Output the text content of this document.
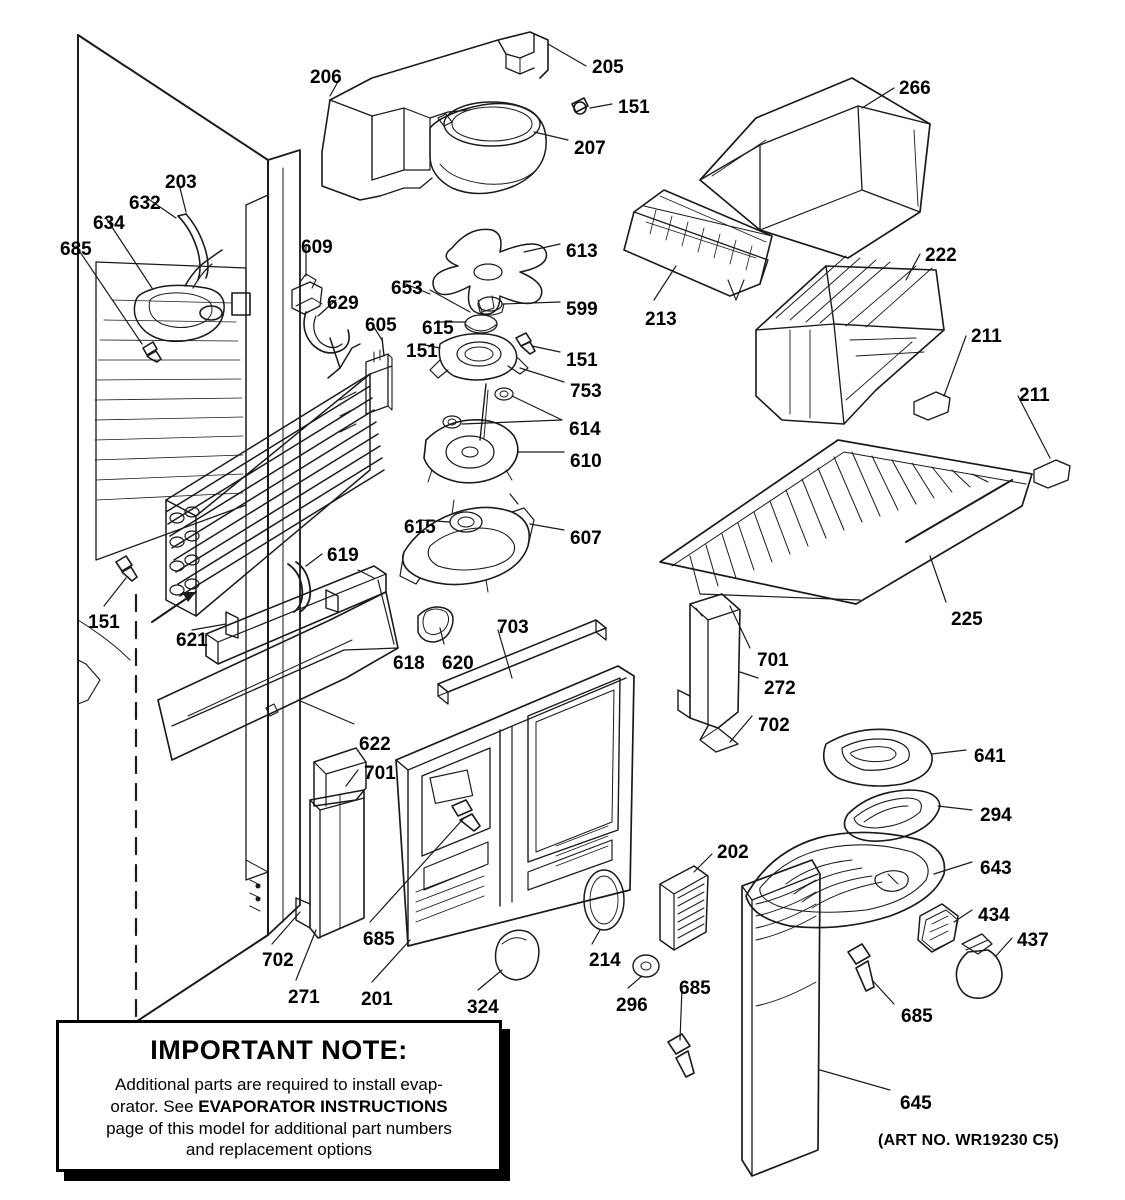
205
206
151
266
207
203
632
634
685	609	613	222
653
629	599 213
605 615	211
151	151
211
753
614
610
615
607
619
225
151	703
701
621
618 620
272
702
622
641
701
294
643
202
434
437
685
702	214
296
685
271 201	324	685
645
IMPORTANT NOTE:
Additional parts are required to install evap-
orator. See EVAPORATOR INSTRUCTIONS
page of this model for additional part numbers
and replacement options	(ART NO. WR19230 C5)
